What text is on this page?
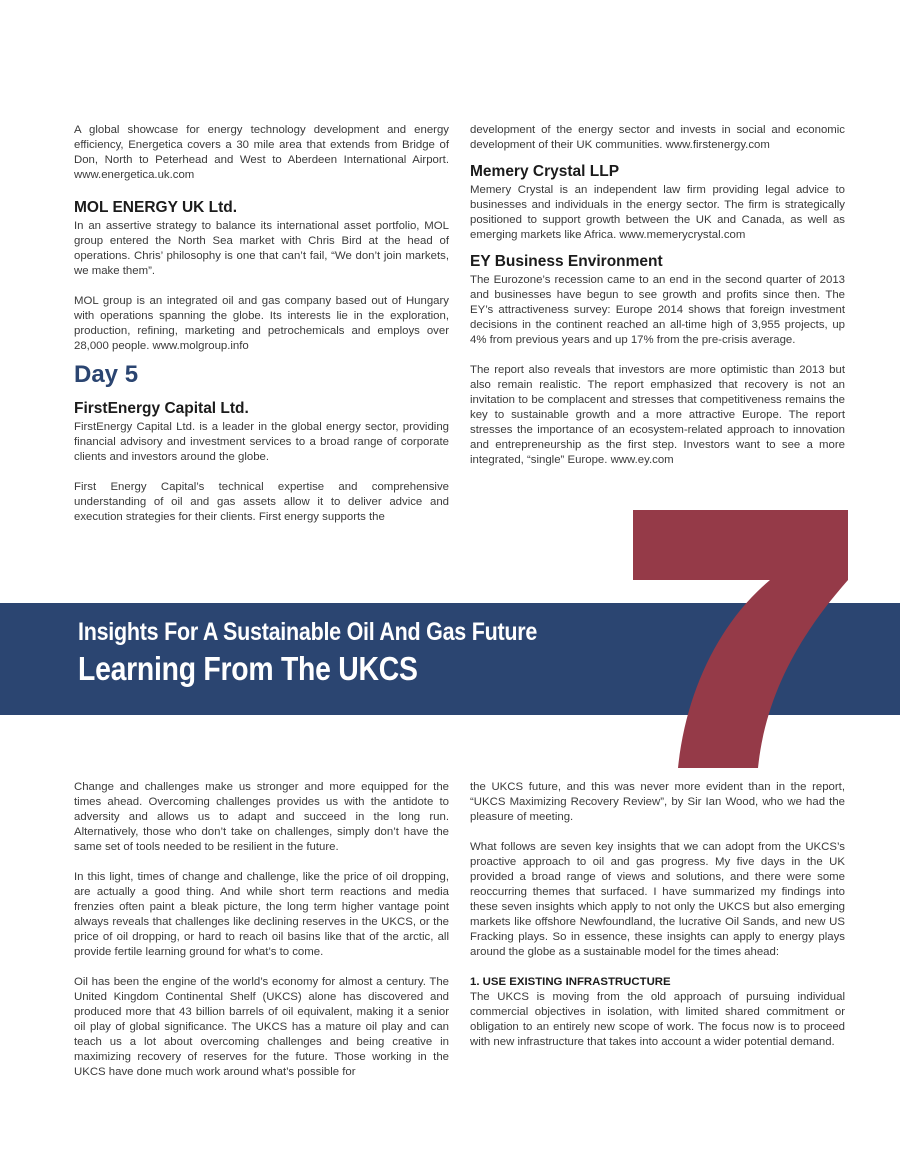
A global showcase for energy technology development and energy efficiency, Energetica covers a 30 mile area that extends from Bridge of Don, North to Peterhead and West to Aberdeen International Airport. www.energetica.uk.com

MOL ENERGY UK Ltd.

In an assertive strategy to balance its international asset portfolio, MOL group entered the North Sea market with Chris Bird at the head of operations. Chris’ philosophy is one that can’t fail, “We don’t join markets, we make them”.

MOL group is an integrated oil and gas company based out of Hungary with operations spanning the globe. Its interests lie in the exploration, production, refining, marketing and petrochemicals and employs over 28,000 people. www.molgroup.info

Day 5
FirstEnergy Capital Ltd.

FirstEnergy Capital Ltd. is a leader in the global energy sector, providing financial advisory and investment services to a broad range of corporate clients and investors around the globe.

First Energy Capital’s technical expertise and comprehensive understanding of oil and gas assets allow it to deliver advice and execution strategies for their clients. First energy supports the

development of the energy sector and invests in social and economic development of their UK communities. www.firstenergy.com

Memery Crystal LLP

Memery Crystal is an independent law firm providing legal advice to businesses and individuals in the energy sector. The firm is strategically positioned to support growth between the UK and Canada, as well as emerging markets like Africa. www.memerycrystal.com

EY Business Environment

The Eurozone’s recession came to an end in the second quarter of 2013 and businesses have begun to see growth and profits since then. The EY’s attractiveness survey: Europe 2014 shows that foreign investment decisions in the continent reached an all-time high of 3,955 projects, up 4% from previous years and up 17% from the pre-crisis average.

The report also reveals that investors are more optimistic than 2013 but also remain realistic. The report emphasized that recovery is not an invitation to be complacent and stresses that competitiveness remains the key to sustainable growth and a more attractive Europe. The report stresses the importance of an ecosystem-related approach to innovation and entrepreneurship as the first step. Investors want to see a more integrated, “single” Europe. www.ey.com

Insights For A Sustainable Oil And Gas Future
Learning From The UKCS

Change and challenges make us stronger and more equipped for the times ahead. Overcoming challenges provides us with the antidote to adversity and allows us to adapt and succeed in the long run. Alternatively, those who don’t take on challenges, simply don’t have the same set of tools needed to be resilient in the future.

In this light, times of change and challenge, like the price of oil dropping, are actually a good thing. And while short term reactions and media frenzies often paint a bleak picture, the long term higher vantage point always reveals that challenges like declining reserves in the UKCS, or the price of oil dropping, or hard to reach oil basins like that of the arctic, all provide fertile learning ground for what’s to come.

Oil has been the engine of the world’s economy for almost a century. The United Kingdom Continental Shelf (UKCS) alone has discovered and produced more that 43 billion barrels of oil equivalent, making it a senior oil play of global significance. The UKCS has a mature oil play and can teach us a lot about overcoming challenges and being creative in maximizing recovery of reserves for the future. Those working in the UKCS have done much work around what’s possible for

the UKCS future, and this was never more evident than in the report, “UKCS Maximizing Recovery Review”, by Sir Ian Wood, who we had the pleasure of meeting.

What follows are seven key insights that we can adopt from the UKCS’s proactive approach to oil and gas progress. My five days in the UK provided a broad range of views and solutions, and there were some reoccurring themes that surfaced. I have summarized my findings into these seven insights which apply to not only the UKCS but also emerging markets like offshore Newfoundland, the lucrative Oil Sands, and new US Fracking plays. So in essence, these insights can apply to energy plays around the globe as a sustainable model for the times ahead:

1. USE EXISTING INFRASTRUCTURE

The UKCS is moving from the old approach of pursuing individual commercial objectives in isolation, with limited shared commitment or obligation to an entirely new scope of work. The focus now is to proceed with new infrastructure that takes into account a wider potential demand.
